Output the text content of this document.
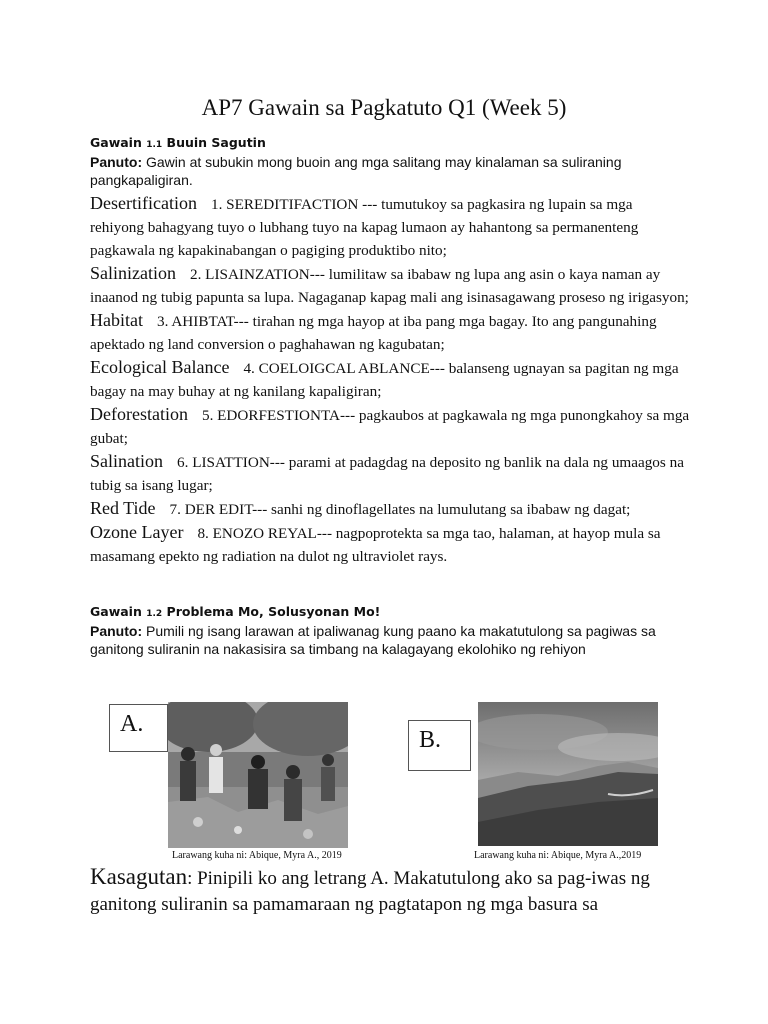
AP7 Gawain sa Pagkatuto Q1 (Week 5)
Gawain 1.1 Buuin Sagutin
Panuto: Gawin at subukin mong buoin ang mga salitang may kinalaman sa suliraning pangkapaligiran.

Desertification 1. SEREDITIFACTION --- tumutukoy sa pagkasira ng lupain sa mga rehiyong bahagyang tuyo o lubhang tuyo na kapag lumaon ay hahantong sa permanenteng pagkawala ng kapakinabangan o pagiging produktibo nito;

Salinization 2. LISAINZATION--- lumilitaw sa ibabaw ng lupa ang asin o kaya naman ay inaanod ng tubig papunta sa lupa. Nagaganap kapag mali ang isinasagawang proseso ng irigasyon;

Habitat 3. AHIBTAT--- tirahan ng mga hayop at iba pang mga bagay. Ito ang pangunahing apektado ng land conversion o paghahawan ng kagubatan;

Ecological Balance 4. COELOIGCAL ABLANCE--- balanseng ugnayan sa pagitan ng mga bagay na may buhay at ng kanilang kapaligiran;

Deforestation 5. EDORFESTIONTA--- pagkaubos at pagkawala ng mga punongkahoy sa mga gubat;

Salination 6. LISATTION--- parami at padagdag na deposito ng banlik na dala ng umaagos na tubig sa isang lugar;

Red Tide 7. DER EDIT--- sanhi ng dinoflagellates na lumulutang sa ibabaw ng dagat;

Ozone Layer 8. ENOZO REYAL--- nagpoprotekta sa mga tao, halaman, at hayop mula sa masamang epekto ng radiation na dulot ng ultraviolet rays.

Gawain 1.2 Problema Mo, Solusyonan Mo!
Panuto: Pumili ng isang larawan at ipaliwanag kung paano ka makatutulong sa pagiwas sa ganitong suliranin na nakasisira sa timbang na kalagayang ekolohiko ng rehiyon
A.
Larawang kuha ni: Abique, Myra A., 2019
B.
Larawang kuha ni: Abique, Myra A.,2019
Kasagutan: Pinipili ko ang letrang A. Makatutulong ako sa pag-iwas ng ganitong suliranin sa pamamaraan ng pagtatapon ng mga basura sa
